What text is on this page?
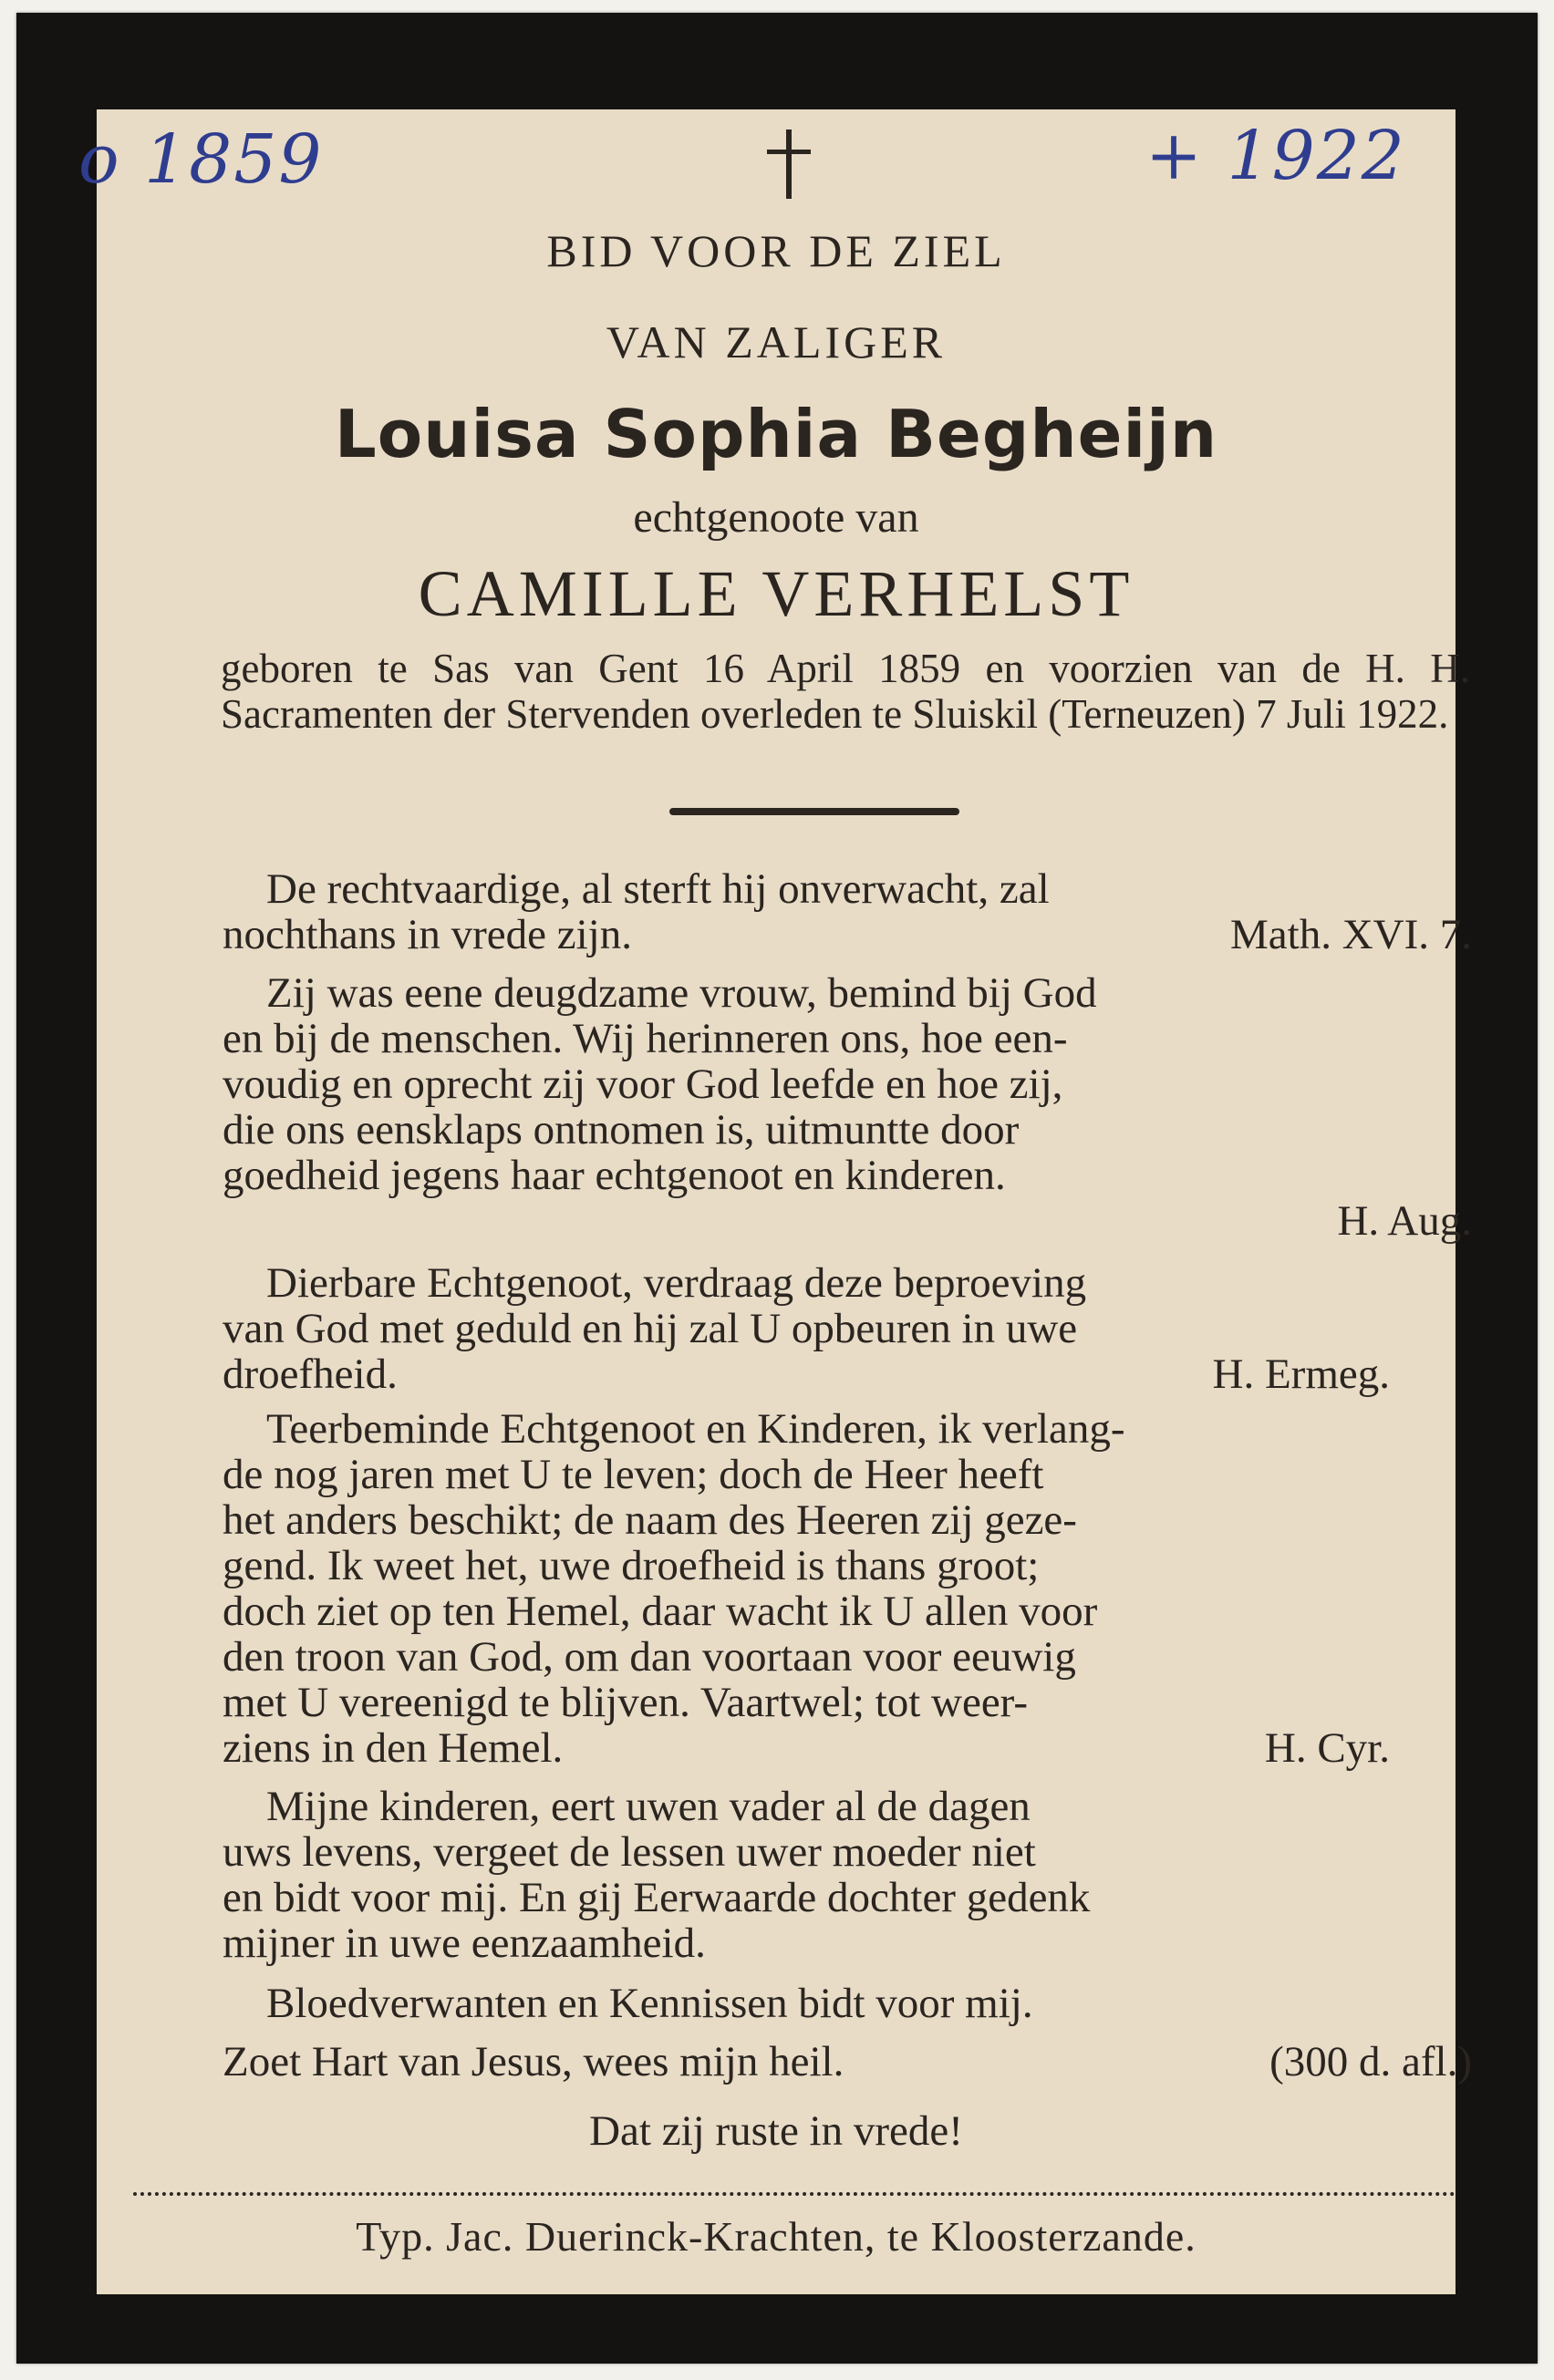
o 1859	+ 1922
BID VOOR DE ZIEL
VAN ZALIGER
Louisa Sophia Begheijn
echtgenoote van
CAMILLE VERHELST
geboren te Sas van Gent 16 April 1859 en voorzien van de H. H. Sacramenten der Stervenden overleden te Sluiskil (Terneuzen) 7 Juli 1922.
De rechtvaardige, al sterft hij onverwacht, zal
nochthans in vrede zijn.	Math. XVI. 7.
Zij was eene deugdzame vrouw, bemind bij God
en bij de menschen. Wij herinneren ons, hoe een-
voudig en oprecht zij voor God leefde en hoe zij,
die ons eensklaps ontnomen is, uitmuntte door
goedheid jegens haar echtgenoot en kinderen.
H. Aug.
Dierbare Echtgenoot, verdraag deze beproeving
van God met geduld en hij zal U opbeuren in uwe
droefheid.	H. Ermeg.
Teerbeminde Echtgenoot en Kinderen, ik verlang-
de nog jaren met U te leven; doch de Heer heeft
het anders beschikt; de naam des Heeren zij geze-
gend. Ik weet het, uwe droefheid is thans groot;
doch ziet op ten Hemel, daar wacht ik U allen voor
den troon van God, om dan voortaan voor eeuwig
met U vereenigd te blijven. Vaartwel; tot weer-
ziens in den Hemel.	H. Cyr.
Mijne kinderen, eert uwen vader al de dagen
uws levens, vergeet de lessen uwer moeder niet
en bidt voor mij. En gij Eerwaarde dochter gedenk
mijner in uwe eenzaamheid.
Bloedverwanten en Kennissen bidt voor mij.
Zoet Hart van Jesus, wees mijn heil.	(300 d. afl.)
Dat zij ruste in vrede!
Typ. Jac. Duerinck-Krachten, te Kloosterzande.
